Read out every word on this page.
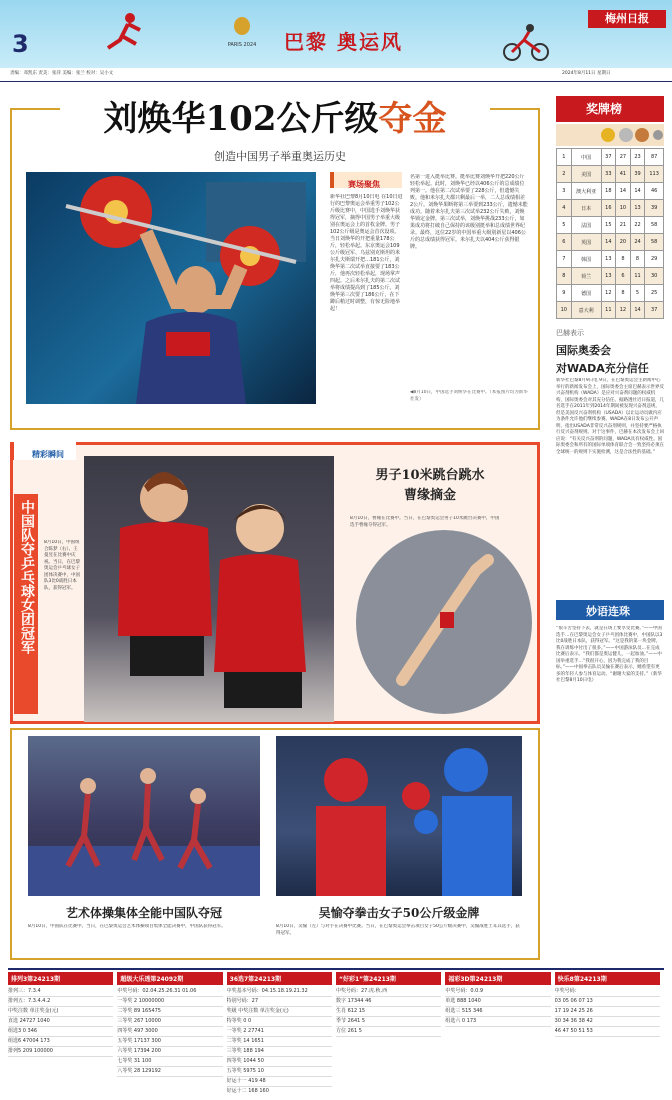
3	PARIS 2024 巴黎 奥运风
梅州日报
责编：邓凯东 责美：张萍 美编：张兰 校对：吴小文	2024年8月11日 星期日
刘焕华102公斤级夺金
创造中国男子举重奥运历史
赛场聚焦
新华社巴黎8月10日电 在10日进行的巴黎奥运会举重男子102公斤级比赛中，中国选手刘焕华获得冠军，摘得中国男子举重大级别在奥运会上的首枚金牌。男子102公斤级是奥运会首次设项。当日刘焕华的开把重量178公斤，轻松举起。东京奥运会109公斤级冠军、乌兹别克斯坦的米尔扎夫斯瑞开把…181公斤，刘焕华第二次试举直接要了183公斤，他再次轻松举起，现场掌声四起。之后米尔扎夫的第二次试举将成绩提高到了185公斤。刘焕华第三次要了186公斤，在下蹲后稍过时调整，有惊无险地举起！
名第一进入挺举比赛。挺举比赛刘焕华开把220公斤轻松举起。此时，刘焕华已经以406公斤的总成绩位列第一。他在第二次试举要了228公斤，但遗憾失败。他和米尔扎夫都只剩最后一举，二人总成绩相差2公斤。刘焕华果断将第三举要到233公斤，遗憾未能成功。随着米尔扎夫第三次试举232公斤失败，刘焕华锁定金牌。第三次试举，刘焕华挑战233公斤，如果成功将打破自己保持的该级别挺举和总成绩世界纪录。最终，这位22岁的中国举重大级别新星以406公斤的总成绩获得冠军。米尔扎夫以404公斤获得银牌。
◀8月10日，中国选手刘焕华在比赛中。（本报图片均为新华社发）
奖牌榜
1	中国	37	27	23	87
2	美国	33	41	39	113
3	澳大利亚	18	14	14	46
4	日本	16	10	13	39
5	法国	15	21	22	58
6	英国	14	20	24	58
7	韩国	13	8	8	29
8	荷兰	13	6	11	30
9	德国	12	8	5	25
10	意大利	11	12	14	37
巴赫表示
国际奥委会
对WADA充分信任
新华社巴黎8月9日电 9日，在巴黎奥运会主新闻中心举行的新闻发布会上，国际奥委会主席巴赫表示世界反兴奋剂机构（WADA）是应对兴奋剂问题的权威机构，国际奥委会对其充分信任。据路透社近日报道，几名选手在2011年到2014年期间被发现兴奋剂违规，但是美国反兴奋剂机构（USADA）以让运动员做内应为条件允许他们继续参赛。WADA在8日发布公开声明，指出USADA非常反兴奋剂规则，并坚持要严格执行反兴奋剂规则。对于这事件，巴赫在本次发布会上回应说：“有关反兴奋剂的问题，WADA具有权威性。国际奥委会和所有的国际单项体育联合会一致坚持必须在全球统一的规则下实施检测，这是合法性的基础。”
妙语连珠
“很辛苦坚持下去，就是在场上要享受比赛。”——中国选手…在巴黎奥运会女子乒乓团体比赛中，中国队以3比0战胜日本队，获得冠军。“这是我的第一块金牌，我在训练中付出了很多。”——中国游泳队员…在完成比赛后表示。“我们都是奥运健儿，一起加油。”——中国举重选手…“我很开心，因为我完成了我的目标。”——中国拳击队员吴愉在赛后表示，她希望有更多的年轻人参与体育运动。“谢谢大家的支持。”（新华社巴黎8月10日电）
精彩瞬间
中国队夺乒乓球女团冠军	8月10日，中国组合陈梦（右）、王曼昱在比赛中庆祝。当日，在巴黎奥运会乒乓球女子团体决赛中，中国队3比0战胜日本队，获得冠军。
男子10米跳台跳水
曹缘摘金
8月10日，曹缘在比赛中。当日，在巴黎奥运会男子10米跳台决赛中，中国选手曹缘夺得冠军。
艺术体操集体全能中国队夺冠
8月10日，中国队在比赛中。当日，在巴黎奥运会艺术体操项目集体全能决赛中，中国队获得冠军。
吴愉夺拳击女子50公斤级金牌
8月10日，吴愉（左）与对手在决赛中比赛。当日，在巴黎奥运会拳击项目女子50公斤级决赛中，吴愉战胜土耳其选手，获得冠军。
排列3第24213期
排列三：7.3.4
排列五：7.3.4.4.2
中奖注数 单注奖金(元)
直选 24727 1040
组选3 0 346
组选6 47004 173
排列5 209 100000
超级大乐透第24092期
中奖号码：02.04.25.26.31 01.06
一等奖 2 10000000
二等奖 89 165475
三等奖 267 10000
四等奖 497 3000
五等奖 17137 300
六等奖 17394 200
七等奖 31 100
八等奖 28 129192
36选7第24213期
中奖基本号码：04.15.18.19.21.32
特别号码：27
奖级 中奖注数 单注奖金(元)
特等奖 0 0
一等奖 2 27741
二等奖 14 1651
三等奖 188 194
四等奖 1044 50
五等奖 5975 10
好运十一 419 48
好运十二 168 160
“好彩1”第24213期
中奖号码：27.虎.秋.西
数字 17344 46
生肖 612 15
季节 2641 5
方位 261 5
福彩3D第24213期
中奖号码：0.0.9
单选 888 1040
组选三 515 346
组选六 0 173
快乐8第24213期
中奖号码：
03 05 06 07 13
17 19 24 25 26
30 34 36 38 42
46 47 50 51 53
